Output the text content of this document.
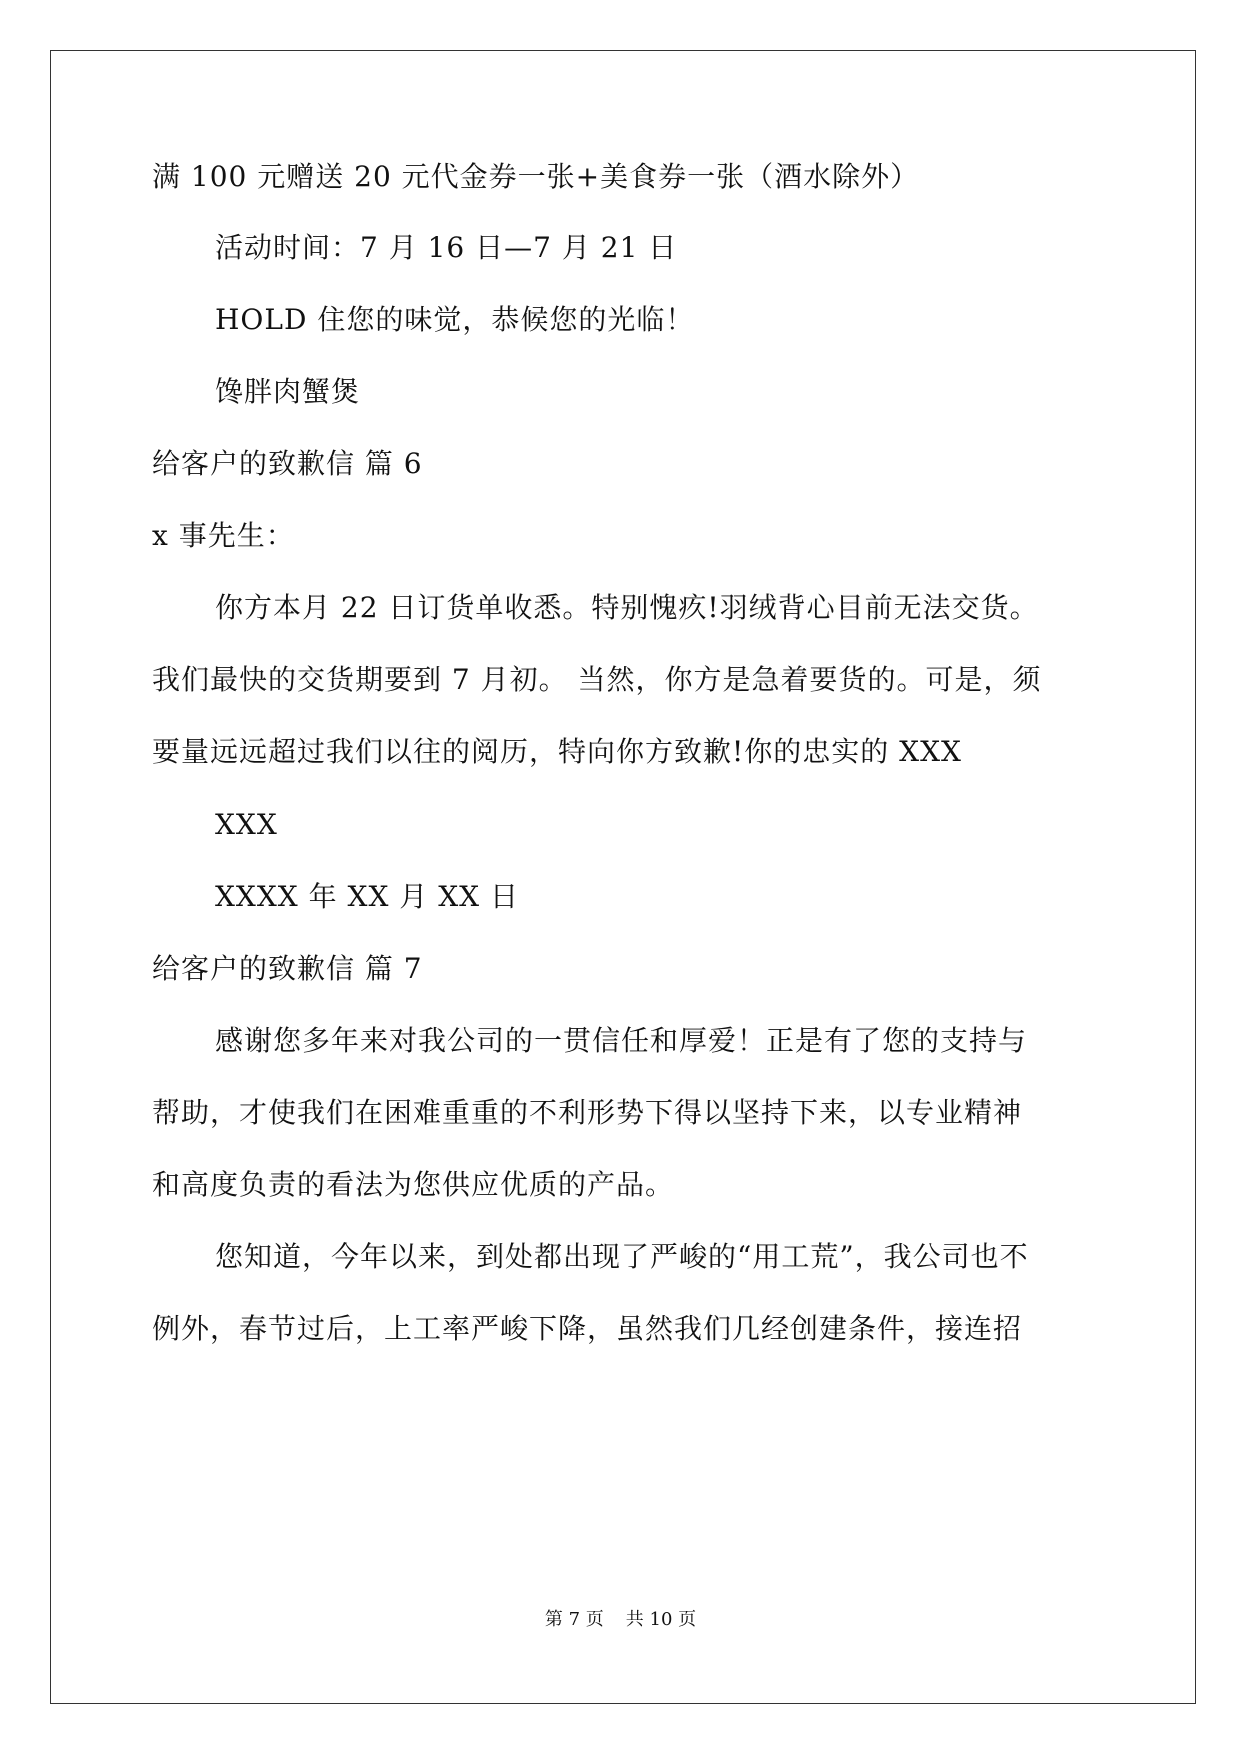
满 100 元赠送 20 元代金券一张+美食券一张（酒水除外）
活动时间：7 月 16 日—7 月 21 日
HOLD 住您的味觉，恭候您的光临！
馋胖肉蟹煲
给客户的致歉信 篇 6
x 事先生：
你方本月 22 日订货单收悉。特别愧疚!羽绒背心目前无法交货。
我们最快的交货期要到 7 月初。 当然，你方是急着要货的。可是，须
要量远远超过我们以往的阅历，特向你方致歉!你的忠实的 XXX
XXX
XXXX 年 XX 月 XX 日
给客户的致歉信 篇 7
感谢您多年来对我公司的一贯信任和厚爱！正是有了您的支持与
帮助，才使我们在困难重重的不利形势下得以坚持下来，以专业精神
和高度负责的看法为您供应优质的产品。
您知道，今年以来，到处都出现了严峻的“用工荒”，我公司也不
例外，春节过后，上工率严峻下降，虽然我们几经创建条件，接连招
第 7 页 共 10 页
